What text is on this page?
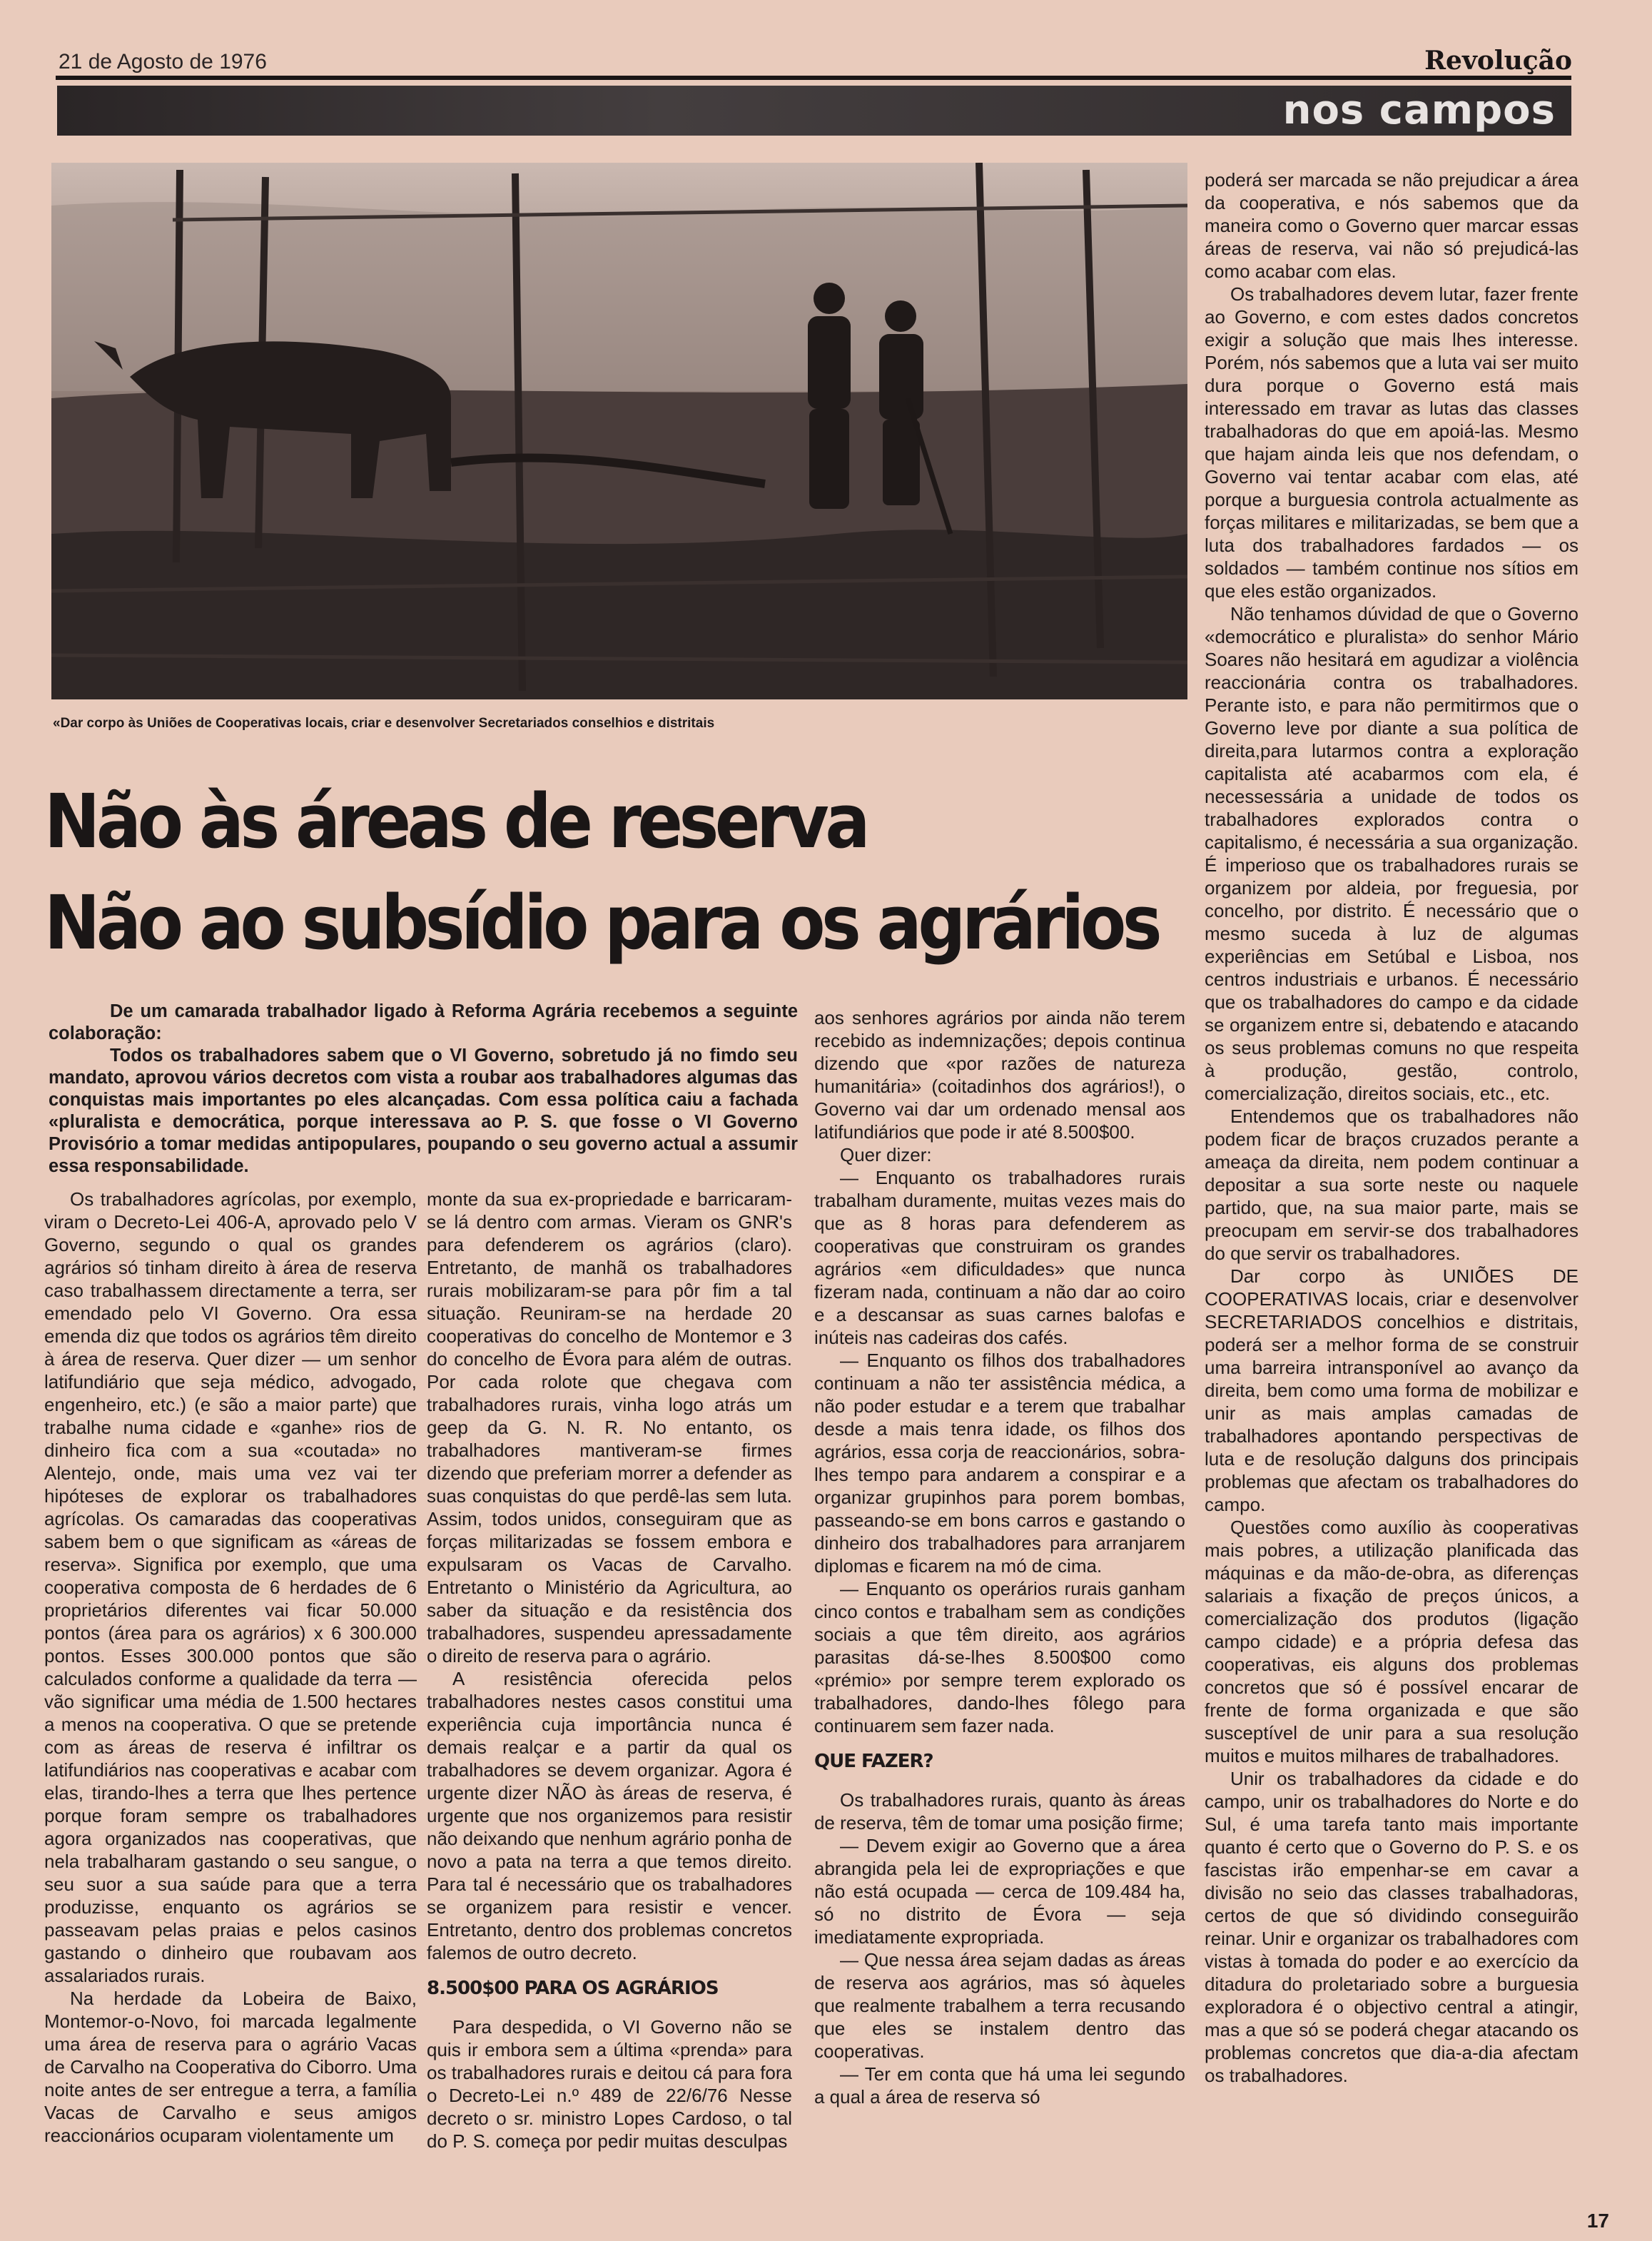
21 de Agosto de 1976	Revolução
nos campos
«Dar corpo às Uniões de Cooperativas locais, criar e desenvolver Secretariados conselhios e distritais
Não às áreas de reserva
Não ao subsídio para os agrários

De um camarada trabalhador ligado à Reforma Agrária recebemos a seguinte colaboração:

Todos os trabalhadores sabem que o VI Governo, sobretudo já no fimdo seu mandato, aprovou vários decretos com vista a roubar aos trabalhadores algumas das conquistas mais importantes po eles alcançadas. Com essa política caiu a fachada «pluralista e democrática, porque interessava ao P. S. que fosse o VI Governo Provisório a tomar medidas antipopulares, poupando o seu governo actual a assumir essa responsabilidade.

Os trabalhadores agrícolas, por exemplo, viram o Decreto-Lei 406-A, aprovado pelo V Governo, segundo o qual os grandes agrários só tinham direito à área de reserva caso trabalhassem directamente a terra, ser emendado pelo VI Governo. Ora essa emenda diz que todos os agrários têm direito à área de reserva. Quer dizer — um senhor latifundiário que seja médico, advogado, engenheiro, etc.) (e são a maior parte) que trabalhe numa cidade e «ganhe» rios de dinheiro fica com a sua «coutada» no Alentejo, onde, mais uma vez vai ter hipóteses de explorar os trabalhadores agrícolas. Os camaradas das cooperativas sabem bem o que significam as «áreas de reserva». Significa por exemplo, que uma cooperativa composta de 6 herdades de 6 proprietários diferentes vai ficar 50.000 pontos (área para os agrários) x 6 300.000 pontos. Esses 300.000 pontos que são calculados conforme a qualidade da terra — vão significar uma média de 1.500 hectares a menos na cooperativa. O que se pretende com as áreas de reserva é infiltrar os latifundiários nas cooperativas e acabar com elas, tirando-lhes a terra que lhes pertence porque foram sempre os trabalhadores agora organizados nas cooperativas, que nela trabalharam gastando o seu sangue, o seu suor a sua saúde para que a terra produzisse, enquanto os agrários se passeavam pelas praias e pelos casinos gastando o dinheiro que roubavam aos assalariados rurais.

Na herdade da Lobeira de Baixo, Montemor-o-Novo, foi marcada legalmente uma área de reserva para o agrário Vacas de Carvalho na Cooperativa do Ciborro. Uma noite antes de ser entregue a terra, a família Vacas de Carvalho e seus amigos reaccionários ocuparam violentamente um

monte da sua ex-propriedade e barricaram-se lá dentro com armas. Vieram os GNR's para defenderem os agrários (claro). Entretanto, de manhã os trabalhadores rurais mobilizaram-se para pôr fim a tal situação. Reuniram-se na herdade 20 cooperativas do concelho de Montemor e 3 do concelho de Évora para além de outras. Por cada rolote que chegava com trabalhadores rurais, vinha logo atrás um geep da G. N. R. No entanto, os trabalhadores mantiveram-se firmes dizendo que preferiam morrer a defender as suas conquistas do que perdê-las sem luta. Assim, todos unidos, conseguiram que as forças militarizadas se fossem embora e expulsaram os Vacas de Carvalho. Entretanto o Ministério da Agricultura, ao saber da situação e da resistência dos trabalhadores, suspendeu apressadamente o direito de reserva para o agrário.

A resistência oferecida pelos trabalhadores nestes casos constitui uma experiência cuja importância nunca é demais realçar e a partir da qual os trabalhadores se devem organizar. Agora é urgente dizer NÃO às áreas de reserva, é urgente que nos organizemos para resistir não deixando que nenhum agrário ponha de novo a pata na terra a que temos direito. Para tal é necessário que os trabalhadores se organizem para resistir e vencer. Entretanto, dentro dos problemas concretos falemos de outro decreto.

8.500$00 PARA OS AGRÁRIOS

Para despedida, o VI Governo não se quis ir embora sem a última «prenda» para os trabalhadores rurais e deitou cá para fora o Decreto-Lei n.º 489 de 22/6/76 Nesse decreto o sr. ministro Lopes Cardoso, o tal do P. S. começa por pedir muitas desculpas

aos senhores agrários por ainda não terem recebido as indemnizações; depois continua dizendo que «por razões de natureza humanitária» (coitadinhos dos agrários!), o Governo vai dar um ordenado mensal aos latifundiários que pode ir até 8.500$00.

Quer dizer:

— Enquanto os trabalhadores rurais trabalham duramente, muitas vezes mais do que as 8 horas para defenderem as cooperativas que construiram os grandes agrários «em dificuldades» que nunca fizeram nada, continuam a não dar ao coiro e a descansar as suas carnes balofas e inúteis nas cadeiras dos cafés.

— Enquanto os filhos dos trabalhadores continuam a não ter assistência médica, a não poder estudar e a terem que trabalhar desde a mais tenra idade, os filhos dos agrários, essa corja de reaccionários, sobra-lhes tempo para andarem a conspirar e a organizar grupinhos para porem bombas, passeando-se em bons carros e gastando o dinheiro dos trabalhadores para arranjarem diplomas e ficarem na mó de cima.

— Enquanto os operários rurais ganham cinco contos e trabalham sem as condições sociais a que têm direito, aos agrários parasitas dá-se-lhes 8.500$00 como «prémio» por sempre terem explorado os trabalhadores, dando-lhes fôlego para continuarem sem fazer nada.

QUE FAZER?

Os trabalhadores rurais, quanto às áreas de reserva, têm de tomar uma posição firme;

— Devem exigir ao Governo que a área abrangida pela lei de expropriações e que não está ocupada — cerca de 109.484 ha, só no distrito de Évora — seja imediatamente expropriada.

— Que nessa área sejam dadas as áreas de reserva aos agrários, mas só àqueles que realmente trabalhem a terra recusando que eles se instalem dentro das cooperativas.

— Ter em conta que há uma lei segundo a qual a área de reserva só

poderá ser marcada se não prejudicar a área da cooperativa, e nós sabemos que da maneira como o Governo quer marcar essas áreas de reserva, vai não só prejudicá-las como acabar com elas.

Os trabalhadores devem lutar, fazer frente ao Governo, e com estes dados concretos exigir a solução que mais lhes interesse. Porém, nós sabemos que a luta vai ser muito dura porque o Governo está mais interessado em travar as lutas das classes trabalhadoras do que em apoiá-las. Mesmo que hajam ainda leis que nos defendam, o Governo vai tentar acabar com elas, até porque a burguesia controla actualmente as forças militares e militarizadas, se bem que a luta dos trabalhadores fardados — os soldados — também continue nos sítios em que eles estão organizados.

Não tenhamos dúvidad de que o Governo «democrático e pluralista» do senhor Mário Soares não hesitará em agudizar a violência reaccionária contra os trabalhadores. Perante isto, e para não permitirmos que o Governo leve por diante a sua política de direita,para lutarmos contra a exploração capitalista até acabarmos com ela, é necessessária a unidade de todos os trabalhadores explorados contra o capitalismo, é necessária a sua organização. É imperioso que os trabalhadores rurais se organizem por aldeia, por freguesia, por concelho, por distrito. É necessário que o mesmo suceda à luz de algumas experiências em Setúbal e Lisboa, nos centros industriais e urbanos. É necessário que os trabalhadores do campo e da cidade se organizem entre si, debatendo e atacando os seus problemas comuns no que respeita à produção, gestão, controlo, comercialização, direitos sociais, etc., etc.

Entendemos que os trabalhadores não podem ficar de braços cruzados perante a ameaça da direita, nem podem continuar a depositar a sua sorte neste ou naquele partido, que, na sua maior parte, mais se preocupam em servir-se dos trabalhadores do que servir os trabalhadores.

Dar corpo às UNIÕES DE COOPERATIVAS locais, criar e desenvolver SECRETARIADOS concelhios e distritais, poderá ser a melhor forma de se construir uma barreira intransponível ao avanço da direita, bem como uma forma de mobilizar e unir as mais amplas camadas de trabalhadores apontando perspectivas de luta e de resolução dalguns dos principais problemas que afectam os trabalhadores do campo.

Questões como auxílio às cooperativas mais pobres, a utilização planificada das máquinas e da mão-de-obra, as diferenças salariais a fixação de preços únicos, a comercialização dos produtos (ligação campo cidade) e a própria defesa das cooperativas, eis alguns dos problemas concretos que só é possível encarar de frente de forma organizada e que são susceptível de unir para a sua resolução muitos e muitos milhares de trabalhadores.

Unir os trabalhadores da cidade e do campo, unir os trabalhadores do Norte e do Sul, é uma tarefa tanto mais importante quanto é certo que o Governo do P. S. e os fascistas irão empenhar-se em cavar a divisão no seio das classes trabalhadoras, certos de que só dividindo conseguirão reinar. Unir e organizar os trabalhadores com vistas à tomada do poder e ao exercício da ditadura do proletariado sobre a burguesia exploradora é o objectivo central a atingir, mas a que só se poderá chegar atacando os problemas concretos que dia-a-dia afectam os trabalhadores.

17
